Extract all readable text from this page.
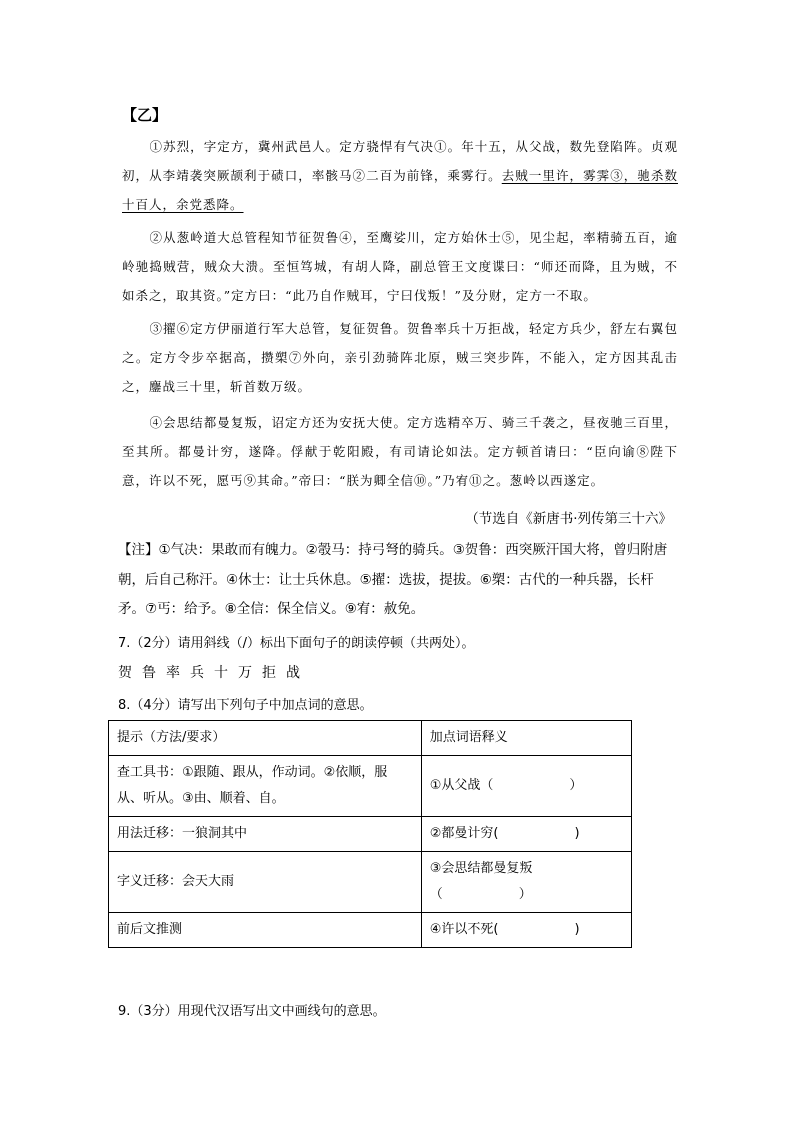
【乙】

①苏烈，字定方，冀州武邑人。定方骁悍有气决①。年十五，从父战，数先登陷阵。贞观初，从李靖袭突厥颉利于碛口，率骸马②二百为前锋，乘雾行。去贼一里许，雾霁③，驰杀数十百人，余党悉降。

②从葱岭道大总管程知节征贺鲁④，至鹰娑川，定方始休士⑤，见尘起，率精骑五百，逾岭驰捣贼营，贼众大溃。至恒笃城，有胡人降，副总管王文度谍曰：“师还而降，且为贼，不如杀之，取其资。”定方曰：“此乃自作贼耳，宁曰伐叛！”及分财，定方一不取。

③擢⑥定方伊丽道行军大总管，复征贺鲁。贺鲁率兵十万拒战，轻定方兵少，舒左右翼包之。定方令步卒据高，攒槊⑦外向，亲引劲骑阵北原，贼三突步阵，不能入，定方因其乱击之，鏖战三十里，斩首数万级。

④会思结都曼复叛，诏定方还为安抚大使。定方选精卒万、骑三千袭之，昼夜驰三百里，至其所。都曼计穷，遂降。俘献于乾阳殿，有司请论如法。定方顿首请曰：“臣向谕⑧陛下意，许以不死，愿丐⑨其命。”帝曰：“朕为卿全信⑩。”乃宥⑪之。葱岭以西遂定。

（节选自《新唐书·列传第三十六》
【注】①气决：果敢而有魄力。②彀马：持弓弩的骑兵。③贺鲁：西突厥汗国大将，曾归附唐朝，后自己称汗。④休士：让士兵休息。⑤擢：选拔，提拔。⑥槊：古代的一种兵器，长杆矛。⑦丐：给予。⑧全信：保全信义。⑨宥：赦免。
7.（2分）请用斜线（/）标出下面句子的朗读停顿（共两处）。
贺鲁率兵十万拒战
8.（4分）请写出下列句子中加点词的意思。
提示（方法/要求）	加点词语释义
查工具书：①跟随、跟从，作动词。②依顺，服从、听从。③由、顺着、自。	①从父战（ ）
用法迁移：一狼洞其中	②都曼计穷( )
字义迁移：会天大雨	③会思结都曼复叛
（ ）
前后文推测	④许以不死( )
9.（3分）用现代汉语写出文中画线句的意思。
